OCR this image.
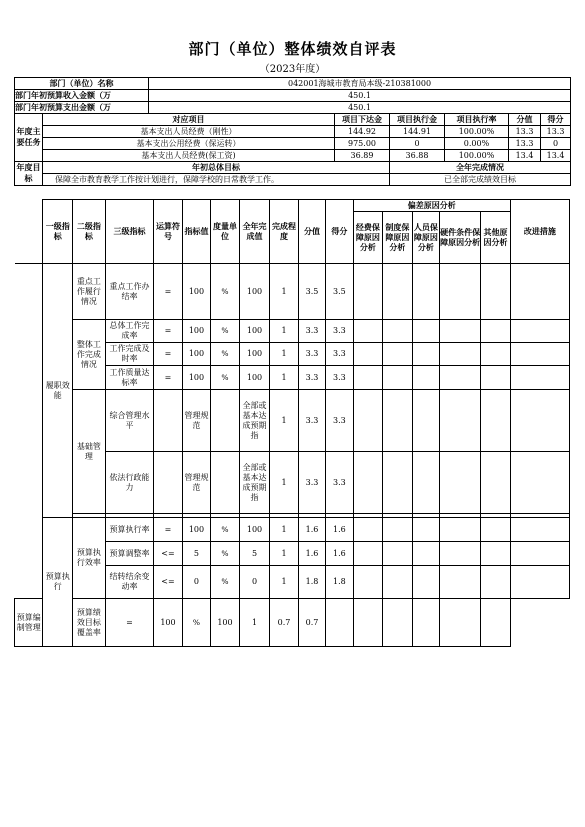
部门（单位）整体绩效自评表
（2023年度）
部门（单位）名称		042001海城市教育局本级-210381000					
部门年初预算收入金额（万		450.1					
部门年初预算支出金额（万		450.1					
年度主要任务	对应项目		项目下达金	项目执行金	项目执行率	分值	得分
	基本支出人员经费（刚性）		144.92	144.91	100.00%	13.3	13.3
	基本支出公用经费（保运转）		975.00	0	0.00%	13.3	0
	基本支出人员经费(保工资)		36.89	36.88	100.00%	13.4	13.4
年度目标	年初总体目标			全年完成情况			
	保障全市教育教学工作按计划进行，保障学校的日常教学工作。			已全部完成绩效目标			
	一级指标	二级指标	三级指标	运算符号	指标值	度量单位	全年完成值	完成程度	分值	得分	偏差原因分析					改进措施
											经费保障原因分析	制度保障原因分析	人员保障原因分析	硬件条件保障原因分析	其他原因分析	
	履职效能	重点工作履行情况	重点工作办结率	=	100	%	100	1	3.5	3.5						
		整体工作完成情况	总体工作完成率	=	100	%	100	1	3.3	3.3						
			工作完成及时率	=	100	%	100	1	3.3	3.3						
			工作质量达标率	=	100	%	100	1	3.3	3.3						
		基础管理	综合管理水平		管理规范		全部或基本达成预期指	1	3.3	3.3						
			依法行政能力		管理规范		全部或基本达成预期指	1	3.3	3.3						

	预算执行	预算执行效率	预算执行率	=	100	%	100	1	1.6	1.6						
			预算调整率	<=	5	%	5	1	1.6	1.6						
			结转结余变动率	<=	0	%	0	1	1.8	1.8						
预算编制管理		预算绩效目标覆盖率	=	100	%	100	1	0.7	0.7							
